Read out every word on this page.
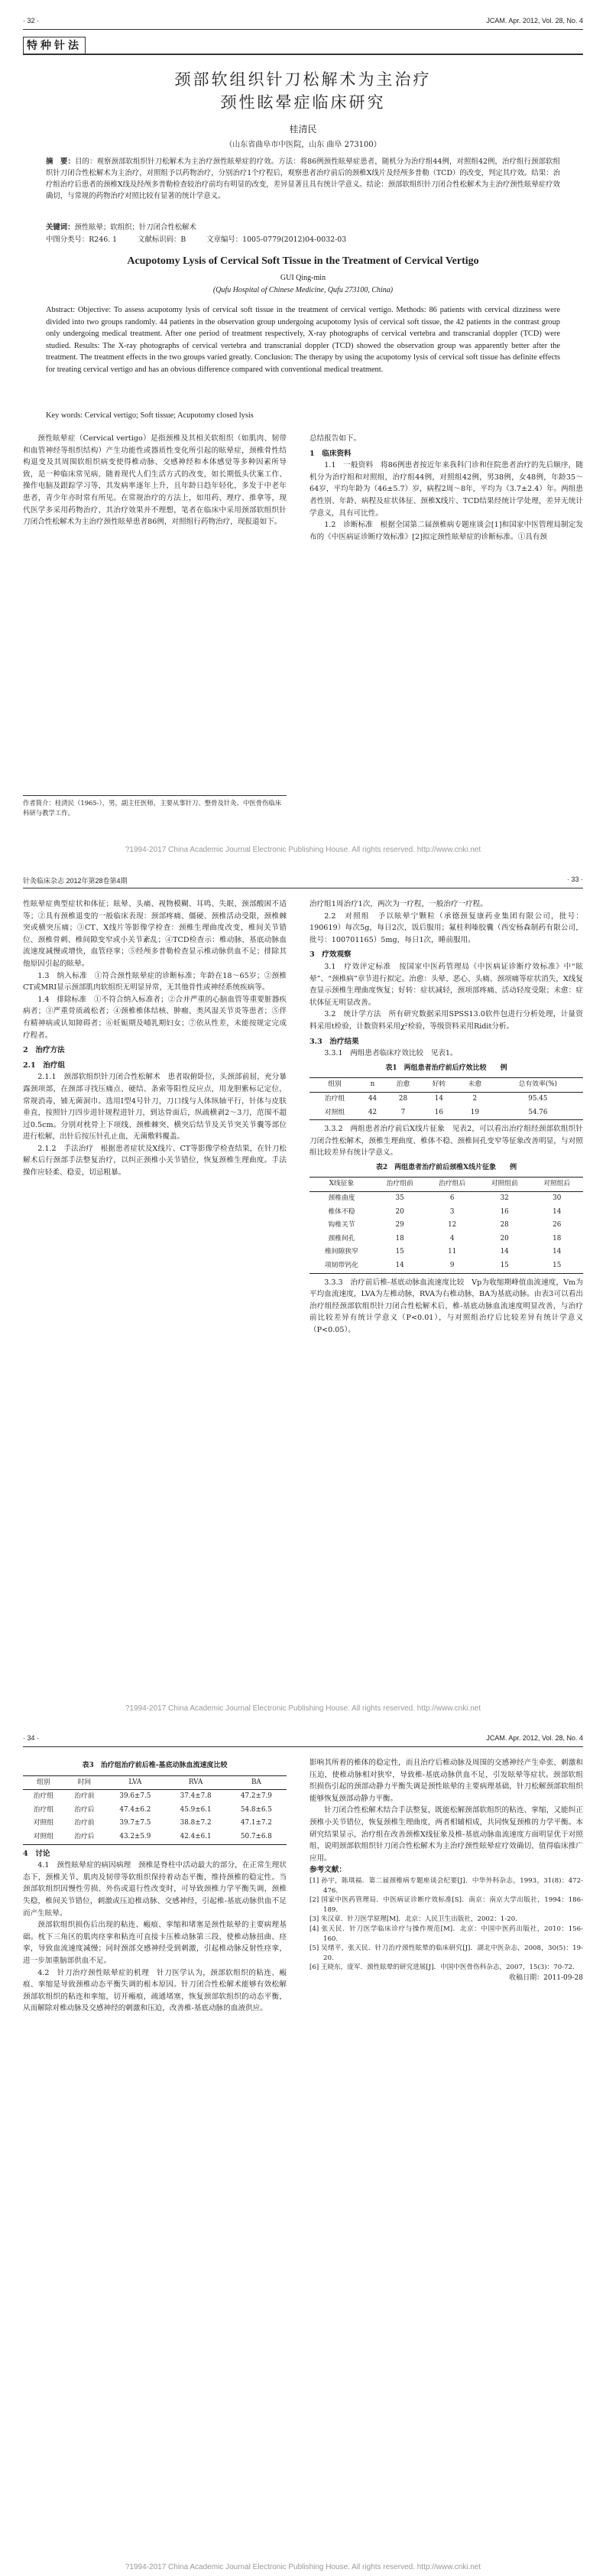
· 32 ·	JCAM. Apr. 2012, Vol. 28, No. 4
特种针法
颈部软组织针刀松解术为主治疗
颈性眩晕症临床研究
桂清民
（山东省曲阜市中医院，山东 曲阜 273100）
摘　要：目的：观察颈部软组织针刀松解术为主治疗颈性眩晕症的疗效。方法：将86例颈性眩晕症患者，随机分为治疗组44例，对照组42例，治疗组行颈部软组织针刀闭合性松解术为主治疗，对照组予以药物治疗，分别治疗1个疗程后，观察患者治疗前后的颈椎X线片及经颅多普勒（TCD）的改变，判定其疗效。结果：治疗组治疗后患者的颈椎X线及经颅多普勒检查较治疗前均有明显的改变，差异显著且具有统计学意义。结论：颈部软组织针刀闭合性松解术为主治疗颈性眩晕症疗效确切，与常规的药物治疗对照比较有显著的统计学意义。
关键词：颈性眩晕；软组织；针刀闭合性松解术
中图分类号：R246. 1	文献标识码：B	文章编号：1005-0779(2012)04-0032-03
Acupotomy Lysis of Cervical Soft Tissue in the Treatment of Cervical Vertigo
GUI Qing-min
(Qufu Hospital of Chinese Medicine, Qufu 273100, China)
Abstract: Objective: To assess acupotomy lysis of cervical soft tissue in the treatment of cervical vertigo. Methods: 86 patients with cervical dizziness were divided into two groups randomly. 44 patients in the observation group undergoing acupotomy lysis of cervical soft tissue, the 42 patients in the contrast group only undergoing medical treatment. After one period of treatment respectively, X-ray photographs of cervical vertebra and transcranial doppler (TCD) were studied. Results: The X-ray photographs of cervical vertebra and transcranial doppler (TCD) showed the observation group was apparently better after the treatment. The treatment effects in the two groups varied greatly. Conclusion: The therapy by using the acupotomy lysis of cervical soft tissue has definite effects for treating cervical vertigo and has an obvious difference compared with conventional medical treatment.
Key words: Cervical vertigo; Soft tissue; Acupotomy closed lysis
颈性眩晕症（Cervical vertigo）是指颈椎及其相关软组织（如肌肉、韧带和血管神经等组织结构）产生功能性或器质性变化所引起的眩晕症，颈椎骨性结构退变及其周围软组织病变使得椎动脉、交感神经和本体感觉等多种因素所导致，是一种临床常见病，随着现代人们生活方式的改变，如长期低头伏案工作、操作电脑及跟踪学习等，其发病率逐年上升，且年龄日趋年轻化，多发于中老年患者，青少年亦时常有所见。在常规治疗的方法上，如用药、理疗、推拿等，现代医学多采用药物治疗，其治疗效果并不理想，笔者在临床中采用颈部软组织针刀闭合性松解术为主治疗颈性眩晕患者86例，对照组行药物治疗，现报道如下。
作者简介：桂清民（1965-），男，副主任医师，主要从事针刀、整骨及针灸、中医骨伤临床科研与教学工作。
总结报告如下。
1　临床资料
1.1　一般资料　将86例患者按近年来我科门诊和住院患者治疗的先后顺序，随机分为治疗组和对照组，治疗组44例，对照组42例，男38例，女48例，年龄35～64岁，平均年龄为（46±5.7）岁，病程2周～8年，平均为（3.7±2.4）年。两组患者性别、年龄、病程及症状体征、颈椎X线片、TCD结果经统计学处理，差异无统计学意义，具有可比性。
1.2　诊断标准　根据全国第二届颈椎病专题座谈会[1]和国家中医管理局制定发布的《中医病证诊断疗效标准》[2]拟定颈性眩晕症的诊断标准。①具有颈
?1994-2017 China Academic Journal Electronic Publishing House. All rights reserved. http://www.cnki.net
针灸临床杂志 2012年第28卷第4期	· 33 ·
性眩晕症典型症状和体征；眩晕、头痛、视物模糊、耳鸣、失眠、颈部酸困不适等；②具有颈椎退变的一般临床表现：颈部疼痛、僵硬、颈椎活动受限，颈椎棘突或横突压痛；③CT、X线片等影像学检查：颈椎生理曲度改变，椎间关节错位、颈椎骨刺、椎间隙变窄或小关节紊乱；④TCD检查示：椎动脉、基底动脉血流速度减慢或增快，血管痉挛；⑤经颅多普勒检查显示椎动脉供血不足；排除其他原因引起的眩晕。
1.3　纳入标准　①符合颈性眩晕症的诊断标准；年龄在18～65岁；②颈椎CT或MRI显示颈部肌肉软组织无明显异常，无其他骨性或神经系统疾病等。
1.4　排除标准　①不符合纳入标准者；②合并严重的心脑血管等重要脏器疾病者；③严重骨质疏松者；④颈椎椎体结核、肿瘤、类风湿关节炎等患者；⑤伴有精神病或认知障碍者；⑥妊娠期及哺乳期妇女；⑦依从性差，未能按规定完成疗程者。
2　治疗方法
2.1　治疗组
2.1.1　颈部软组织针刀闭合性松解术　患者取俯卧位，头颈部前屈，充分暴露颈项部，在颈部寻找压痛点、硬结、条索等阳性反应点，用龙胆紫标记定位，常规消毒，铺无菌洞巾。选用Ⅰ型4号针刀，刀口线与人体纵轴平行，针体与皮肤垂直，按照针刀四步进针规程进针刀，到达骨面后，纵疏横剥2～3刀，范围不超过0.5cm。分别对枕骨上下项线、颈椎棘突、横突后结节及关节突关节囊等部位进行松解，出针后按压针孔止血，无菌敷料覆盖。
2.1.2　手法治疗　根据患者症状及X线片、CT等影像学检查结果，在针刀松解术后行颈部手法整复治疗，以纠正颈椎小关节错位，恢复颈椎生理曲度。手法操作应轻柔、稳妥，切忌粗暴。
治疗组1周治疗1次，两次为一疗程，一般治疗一疗程。
2.2　对照组　予以眩晕宁颗粒（承德颈复康药业集团有限公司，批号：190619）每次5g，每日2次，饭后服用；氟桂利嗪胶囊（西安杨森制药有限公司，批号：100701165）5mg，每日1次，睡前服用。
3　疗效观察
3.1　疗效评定标准　按国家中医药管理局《中医病证诊断疗效标准》中“眩晕”、“颈椎病”章节进行拟定。治愈：头晕、恶心、头痛、颈项痛等症状消失，X线复查显示颈椎生理曲度恢复；好转：症状减轻，颈项部疼痛、活动轻度受限；未愈：症状体征无明显改善。
3.2　统计学方法　所有研究数据采用SPSS13.0软件包进行分析处理，计量资料采用t检验，计数资料采用χ²检验，等级资料采用Ridit分析。
3.3　治疗结果
3.3.1　两组患者临床疗效比较　见表1。
表1　两组患者治疗前后疗效比较　　例
组别	n	治愈	好转	未愈	总有效率(%)
治疗组	44	28	14	2	95.45
对照组	42	7	16	19	54.76
3.3.2　两组患者治疗前后X线片征象　见表2，可以看出治疗组经颈部软组织针刀闭合性松解术，颈椎生理曲度、椎体不稳、颈椎间孔变窄等征象改善明显，与对照组比较差异有统计学意义。
表2　两组患者治疗前后颈椎X线片征象　　例
X线征象	治疗组前	治疗组后	对照组前	对照组后
颈椎曲度	35	6	32	30
椎体不稳	20	3	16	14
钩椎关节	29	12	28	26
颈椎间孔	18	4	20	18
椎间隙狭窄	15	11	14	14
项韧带钙化	14	9	15	15
3.3.3　治疗前后椎-基底动脉血流速度比较　Vp为收缩期峰值血流速度，Vm为平均血流速度，LVA为左椎动脉，RVA为右椎动脉，BA为基底动脉。由表3可以看出治疗组经颈部软组织针刀闭合性松解术后，椎-基底动脉血流速度明显改善，与治疗前比较差异有统计学意义（P<0.01），与对照组治疗后比较差异有统计学意义（P<0.05）。
?1994-2017 China Academic Journal Electronic Publishing House. All rights reserved. http://www.cnki.net
· 34 ·	JCAM. Apr. 2012, Vol. 28, No. 4
表3　治疗组治疗前后椎-基底动脉血流速度比较
组别	时间	LVA	RVA	BA
治疗组	治疗前	39.6±7.5	37.4±7.8	47.2±7.9
治疗组	治疗后	47.4±6.2	45.9±6.1	54.8±6.5
对照组	治疗前	39.7±7.5	38.8±7.2	47.1±7.2
对照组	治疗后	43.2±5.9	42.4±6.1	50.7±6.8
4　讨论
4.1　颈性眩晕症的病因病理　颈椎是脊柱中活动最大的部分，在正常生理状态下，颈椎关节、肌肉及韧带等软组织保持着动态平衡，维持颈椎的稳定性。当颈部软组织因慢性劳损、外伤或退行性改变时，可导致颈椎力学平衡失调，颈椎失稳，椎间关节错位，刺激或压迫椎动脉、交感神经，引起椎-基底动脉供血不足而产生眩晕。
颈部软组织损伤后出现的粘连、瘢痕、挛缩和堵塞是颈性眩晕的主要病理基础。枕下三角区的肌肉痉挛和粘连可直接卡压椎动脉第三段，使椎动脉扭曲、痉挛，导致血流速度减慢；同时颈部交感神经受到刺激，引起椎动脉反射性痉挛，进一步加重脑部供血不足。
4.2　针刀治疗颈性眩晕症的机理　针刀医学认为，颈部软组织的粘连、瘢痕、挛缩是导致颈椎动态平衡失调的根本原因。针刀闭合性松解术能够有效松解颈部软组织的粘连和挛缩，切开瘢痕，疏通堵塞，恢复颈部软组织的动态平衡，从而解除对椎动脉及交感神经的刺激和压迫，改善椎-基底动脉的血液供应。
影响其所着的椎体的稳定性，而且治疗后椎动脉及周围的交感神经产生牵张、刺激和压迫，使椎动脉相对狭窄，导致椎-基底动脉供血不足，引发眩晕等症状。颈部软组织损伤引起的颈部动静力平衡失调是颈性眩晕的主要病理基础，针刀松解颈部软组织能够恢复颈部动静力平衡。
针刀闭合性松解术结合手法整复，既能松解颈部软组织的粘连、挛缩，又能纠正颈椎小关节错位，恢复颈椎生理曲度，两者相辅相成，共同恢复颈椎的力学平衡。本研究结果显示，治疗组在改善颈椎X线征象及椎-基底动脉血流速度方面明显优于对照组，说明颈部软组织针刀闭合性松解术为主治疗颈性眩晕症疗效确切，值得临床推广应用。
参考文献：
[1] 孙宇，陈琪福．第二届颈椎病专题座谈会纪要[J]．中华外科杂志，1993，31(8)：472-476．
[2] 国家中医药管理局．中医病证诊断疗效标准[S]．南京：南京大学出版社，1994：186-189．
[3] 朱汉章．针刀医学原理[M]．北京：人民卫生出版社，2002：1-20．
[4] 张天民．针刀医学临床诊疗与操作规范[M]．北京：中国中医药出版社，2010：156-160．
[5] 吴绪平，张天民．针刀治疗颈性眩晕的临床研究[J]．湖北中医杂志，2008，30(5)：19-20．
[6] 王晓东，庞军．颈性眩晕的研究进展[J]．中国中医骨伤科杂志，2007，15(3)：70-72．
收稿日期：2011-09-28
?1994-2017 China Academic Journal Electronic Publishing House. All rights reserved. http://www.cnki.net
